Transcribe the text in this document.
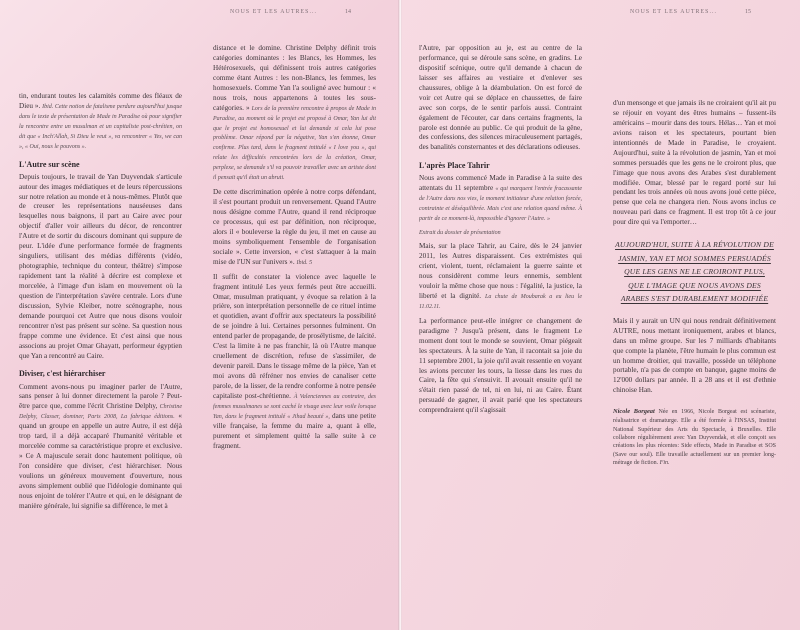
NOUS ET LES AUTRES...	14

tin, endurant toutes les calamités comme des fléaux de Dieu ». Ibid. Cette notion de fatalisme perdure aujourd'hui jusque dans le texte de présentation de Made in Paradise où pour signifier la rencontre entre un musulman et un capitaliste post-chrétien, on dit que « Inch'Allah, Si Dieu le veut », va rencontrer « Yes, we can », « Oui, nous le pouvons ».

L'Autre sur scène

Depuis toujours, le travail de Yan Duyvendak s'articule autour des images médiatiques et de leurs répercussions sur notre relation au monde et à nous-mêmes. Plutôt que de creuser les représentations nauséeuses dans lesquelles nous baignons, il part au Caire avec pour objectif d'aller voir ailleurs du décor, de rencontrer l'Autre et de sortir du discours dominant qui suppure de peur. L'idée d'une performance formée de fragments singuliers, utilisant des médias différents (vidéo, photographie, technique du conteur, théâtre) s'impose rapidement tant la réalité à décrire est complexe et morcelée, à l'image d'un islam en mouvement où la question de l'interprétation s'avère centrale. Lors d'une discussion, Sylvie Kleiber, notre scénographe, nous demande pourquoi cet Autre que nous disons vouloir rencontrer n'est pas présent sur scène. Sa question nous frappe comme une évidence. Et c'est ainsi que nous associons au projet Omar Ghayatt, performeur égyptien que Yan a rencontré au Caire.

Diviser, c'est hiérarchiser

Comment avons-nous pu imaginer parler de l'Autre, sans penser à lui donner directement la parole ? Peut-être parce que, comme l'écrit Christine Delphy, Christine Delphy, Classer, dominer, Paris 2008, La fabrique éditions. « quand un groupe en appelle un autre Autre, il est déjà trop tard, il a déjà accaparé l'humanité véritable et morcelée comme sa caractéristique propre et exclusive. » Ce A majuscule serait donc hautement politique, où l'on considère que diviser, c'est hiérarchiser. Nous voulions un généreux mouvement d'ouverture, nous avons simplement oublié que l'idéologie dominante qui nous enjoint de tolérer l'Autre et qui, en le désignant de manière générale, lui signifie sa différence, le met à

distance et le domine. Christine Delphy définit trois catégories dominantes : les Blancs, les Hommes, les Hétérosexuels, qui définissent trois autres catégories comme étant Autres : les non-Blancs, les femmes, les homosexuels. Comme Yan l'a souligné avec humour : « nous trois, nous appartenons à toutes les sous-catégories. » Lors de la première rencontre à propos de Made in Paradise, au moment où le projet est proposé à Omar, Yan lui dit que le projet est homosexuel et lui demande si cela lui pose problème. Omar répond par la négative, Yan s'en étonne, Omar confirme. Plus tard, dans le fragment intitulé « I love you », qui relate les difficultés rencontrées lors de la création, Omar, perplexe, se demande s'il va pouvoir travailler avec un artiste dont il pensait qu'il était un abruti.

De cette discrimination opérée à notre corps défendant, il s'est pourtant produit un renversement. Quand l'Autre nous désigne comme l'Autre, quand il rend réciproque ce processus, qui est par définition, non réciproque, alors il « bouleverse la règle du jeu, il met en cause au moins symboliquement l'ensemble de l'organisation sociale ». Cette inversion, « c'est s'attaquer à la main mise de l'UN sur l'univers ». Ibid. 5

Il suffit de constater la violence avec laquelle le fragment intitulé Les yeux fermés peut être accueilli. Omar, musulman pratiquant, y évoque sa relation à la prière, son interprétation personnelle de ce rituel intime et quotidien, avant d'offrir aux spectateurs la possibilité de se joindre à lui. Certaines personnes fulminent. On entend parler de propagande, de prosélytisme, de laïcité. C'est la limite à ne pas franchir, là où l'Autre manque cruellement de discrétion, refuse de s'assimiler, de devenir pareil. Dans le tissage même de la pièce, Yan et moi avons dû réfréner nos envies de canaliser cette parole, de la lisser, de la rendre conforme à notre pensée capitaliste post-chrétienne. À Valenciennes au contraire, des femmes musulmanes se sont caché le visage avec leur voile lorsque Yan, dans le fragment intitulé « Jihad beauté », dans une petite ville française, la femme du maire a, quant à elle, purement et simplement quitté la salle suite à ce fragment.

NOUS ET LES AUTRES...	15

l'Autre, par opposition au je, est au centre de la performance, qui se déroule sans scène, en gradins. Le dispositif scénique, outre qu'il demande à chacun de laisser ses affaires au vestiaire et d'enlever ses chaussures, oblige à la déambulation. On est forcé de voir cet Autre qui se déplace en chaussettes, de faire avec son corps, de le sentir parfois aussi. Contraint également de l'écouter, car dans certains fragments, la parole est donnée au public. Ce qui produit de la gêne, des confessions, des silences miraculeusement partagés, des banalités consternantes et des déclarations odieuses.

L'après Place Tahrir

Nous avons commencé Made in Paradise à la suite des attentats du 11 septembre « qui marquent l'entrée fracassante de l'Autre dans nos vies, le moment initiateur d'une relation forcée, contrainte et déséquilibrée. Mais c'est une relation quand même. À partir de ce moment-là, impossible d'ignorer l'Autre. »

Extrait du dossier de présentation

Mais, sur la place Tahrir, au Caire, dès le 24 janvier 2011, les Autres disparaissent. Ces extrémistes qui crient, violent, tuent, réclamaient la guerre sainte et nous considèrent comme leurs ennemis, semblent vouloir la même chose que nous : l'égalité, la justice, la liberté et la dignité. La chute de Moubarak a eu lieu le 11.02.11.

La performance peut-elle intégrer ce changement de paradigme ? Jusqu'à présent, dans le fragment Le moment dont tout le monde se souvient, Omar piégeait les spectateurs. À la suite de Yan, il racontait sa joie du 11 septembre 2001, la joie qu'il avait ressentie en voyant les avions percuter les tours, la liesse dans les rues du Caire, la fête qui s'ensuivit. Il avouait ensuite qu'il ne s'était rien passé de tel, ni en lui, ni au Caire. Étant persuadé de gagner, il avait parié que les spectateurs comprendraient qu'il s'agissait

d'un mensonge et que jamais ils ne croiraient qu'il ait pu se réjouir en voyant des êtres humains – fussent-ils américains – mourir dans des tours. Hélas… Yan et moi avions raison et les spectateurs, pourtant bien intentionnés de Made in Paradise, le croyaient. Aujourd'hui, suite à la révolution de jasmin, Yan et moi sommes persuadés que les gens ne le croiront plus, que l'image que nous avons des Arabes s'est durablement modifiée. Omar, blessé par le regard porté sur lui pendant les trois années où nous avons joué cette pièce, pense que cela ne changera rien. Nous avons inclus ce nouveau pari dans ce fragment. Il est trop tôt à ce jour pour dire qui va l'emporter…

AUJOURD'HUI, SUITE À LA RÉVOLUTION DE JASMIN, YAN ET MOI SOMMES PERSUADÉS QUE LES GENS NE LE CROIRONT PLUS, QUE L'IMAGE QUE NOUS AVONS DES ARABES S'EST DURABLEMENT MODIFIÉE

Mais il y aurait un UN qui nous rendrait définitivement AUTRE, nous mettant ironiquement, arabes et blancs, dans un même groupe. Sur les 7 milliards d'habitants que compte la planète, l'être humain le plus commun est un homme droitier, qui travaille, possède un téléphone portable, n'a pas de compte en banque, gagne moins de 12'000 dollars par année. Il a 28 ans et il est d'ethnie chinoise Han.

Nicole Borgeat Née en 1966, Nicole Borgeat est scénariste, réalisatrice et dramaturge. Elle a été formée à l'INSAS, Institut National Supérieur des Arts du Spectacle, à Bruxelles. Elle collabore régulièrement avec Yan Duyvendak, et elle conçoit ses créations les plus récentes: Side effects, Made in Paradise et SOS (Save our soul). Elle travaille actuellement sur un premier long-métrage de fiction. Fin.
